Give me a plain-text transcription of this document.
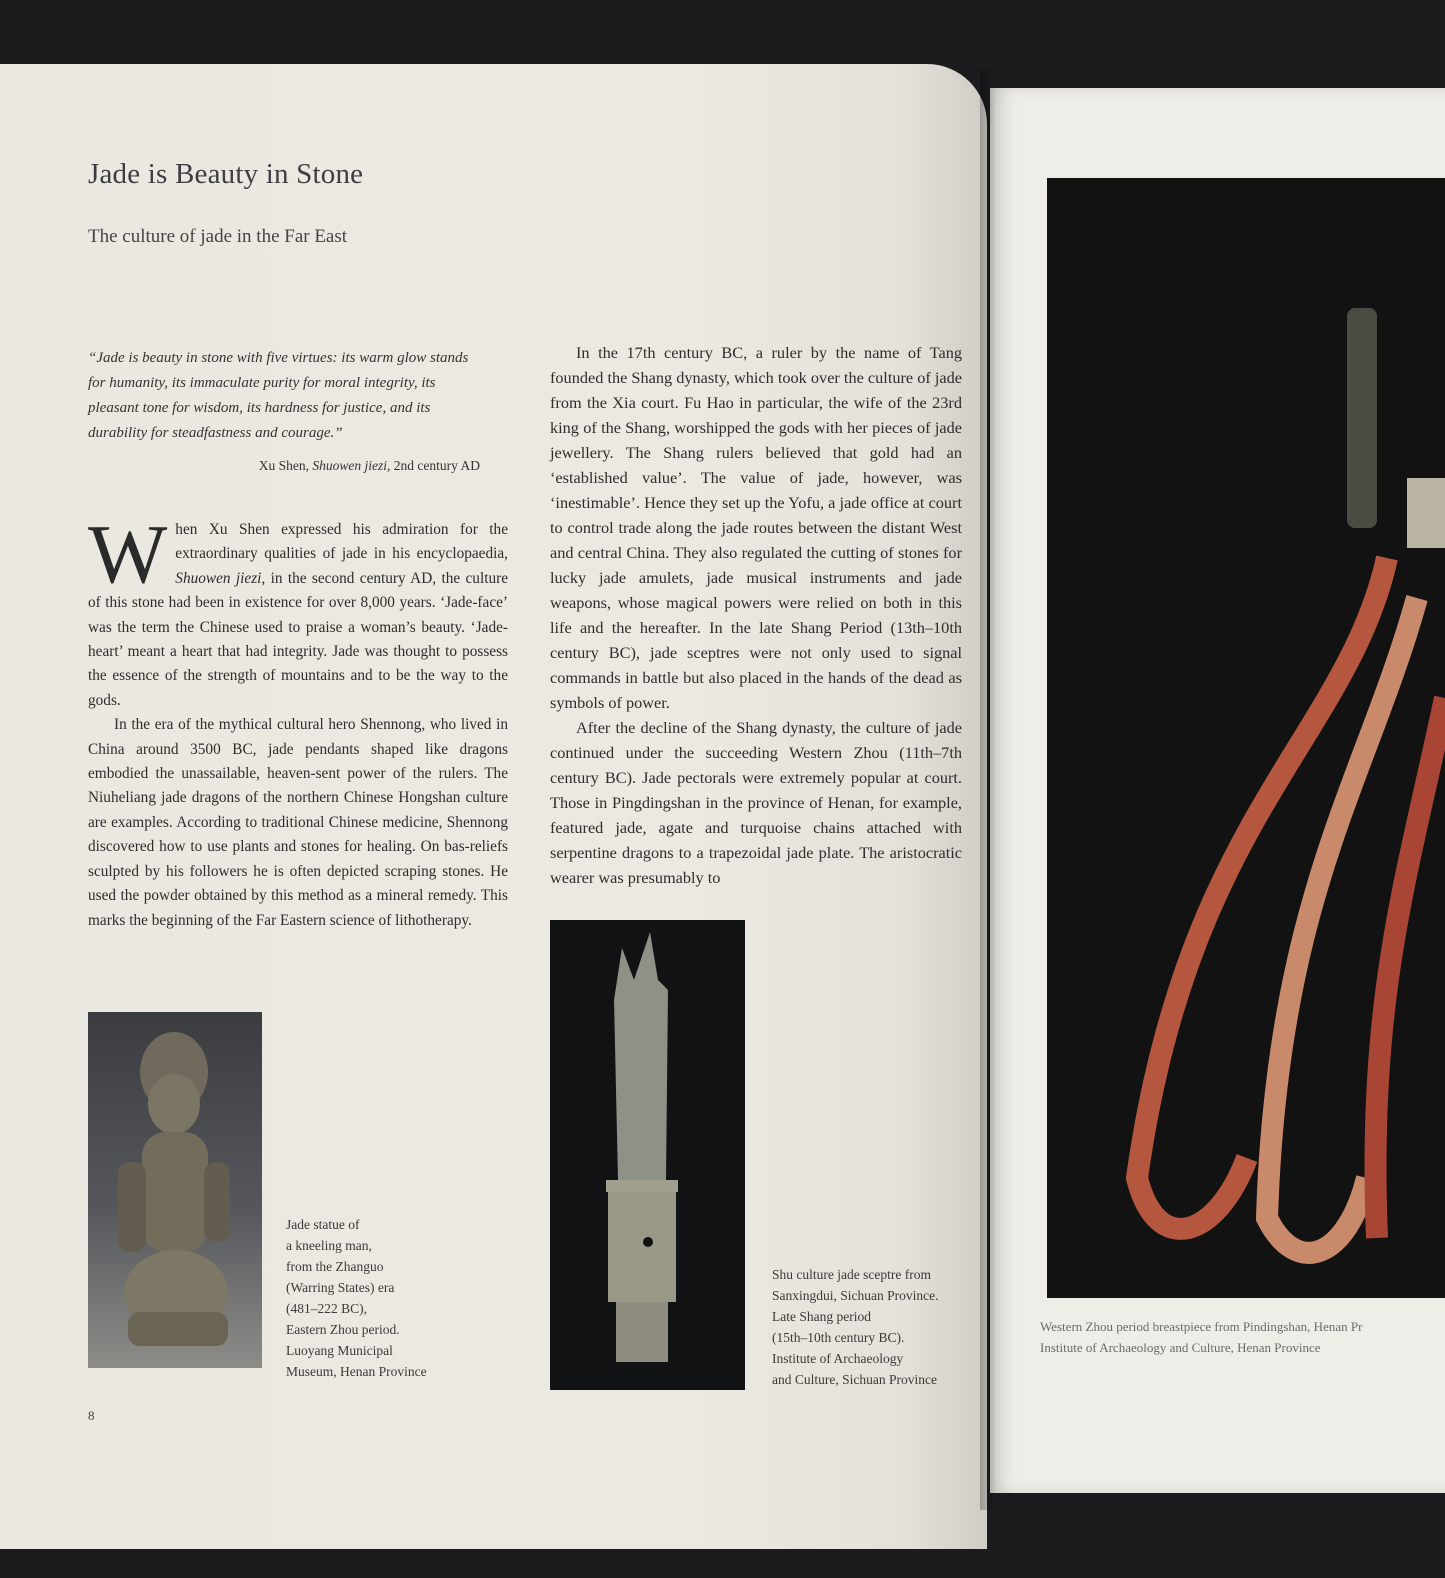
Jade is Beauty in Stone
The culture of jade in the Far East

“Jade is beauty in stone with five virtues: its warm glow stands for humanity, its immaculate purity for moral integrity, its pleasant tone for wisdom, its hardness for justice, and its durability for steadfastness and courage.”

Xu Shen, Shuowen jiezi, 2nd century AD

When Xu Shen expressed his admiration for the extraordinary qualities of jade in his encyclopaedia, Shuowen jiezi, in the second century AD, the culture of this stone had been in existence for over 8,000 years. ‘Jade-face’ was the term the Chinese used to praise a woman’s beauty. ‘Jade-heart’ meant a heart that had integrity. Jade was thought to possess the essence of the strength of mountains and to be the way to the gods.

In the era of the mythical cultural hero Shennong, who lived in China around 3500 BC, jade pendants shaped like dragons embodied the unassailable, heaven-sent power of the rulers. The Niuheliang jade dragons of the northern Chinese Hongshan culture are examples. According to traditional Chinese medicine, Shennong discovered how to use plants and stones for healing. On bas-reliefs sculpted by his followers he is often depicted scraping stones. He used the powder obtained by this method as a mineral remedy. This marks the beginning of the Far Eastern science of lithotherapy.

In the 17th century BC, a ruler by the name of Tang founded the Shang dynasty, which took over the culture of jade from the Xia court. Fu Hao in particular, the wife of the 23rd king of the Shang, worshipped the gods with her pieces of jade jewellery. The Shang rulers believed that gold had an ‘established value’. The value of jade, however, was ‘inestimable’. Hence they set up the Yofu, a jade office at court to control trade along the jade routes between the distant West and central China. They also regulated the cutting of stones for lucky jade amulets, jade musical instruments and jade weapons, whose magical powers were relied on both in this life and the hereafter. In the late Shang Period (13th–10th century BC), jade sceptres were not only used to signal commands in battle but also placed in the hands of the dead as symbols of power.

After the decline of the Shang dynasty, the culture of jade continued under the succeeding Western Zhou (11th–7th century BC). Jade pectorals were extremely popular at court. Those in Pingdingshan in the province of Henan, for example, featured jade, agate and turquoise chains attached with serpentine dragons to a trapezoidal jade plate. The aristocratic wearer was presumably to

Jade statue of
a kneeling man,
from the Zhanguo
(Warring States) era
(481–222 BC),
Eastern Zhou period.
Luoyang Municipal
Museum, Henan Province
Shu culture jade sceptre from
Sanxingdui, Sichuan Province.
Late Shang period
(15th–10th century BC).
Institute of Archaeology
and Culture, Sichuan Province
Western Zhou period breastpiece from Pindingshan, Henan Pr
Institute of Archaeology and Culture, Henan Province
8
